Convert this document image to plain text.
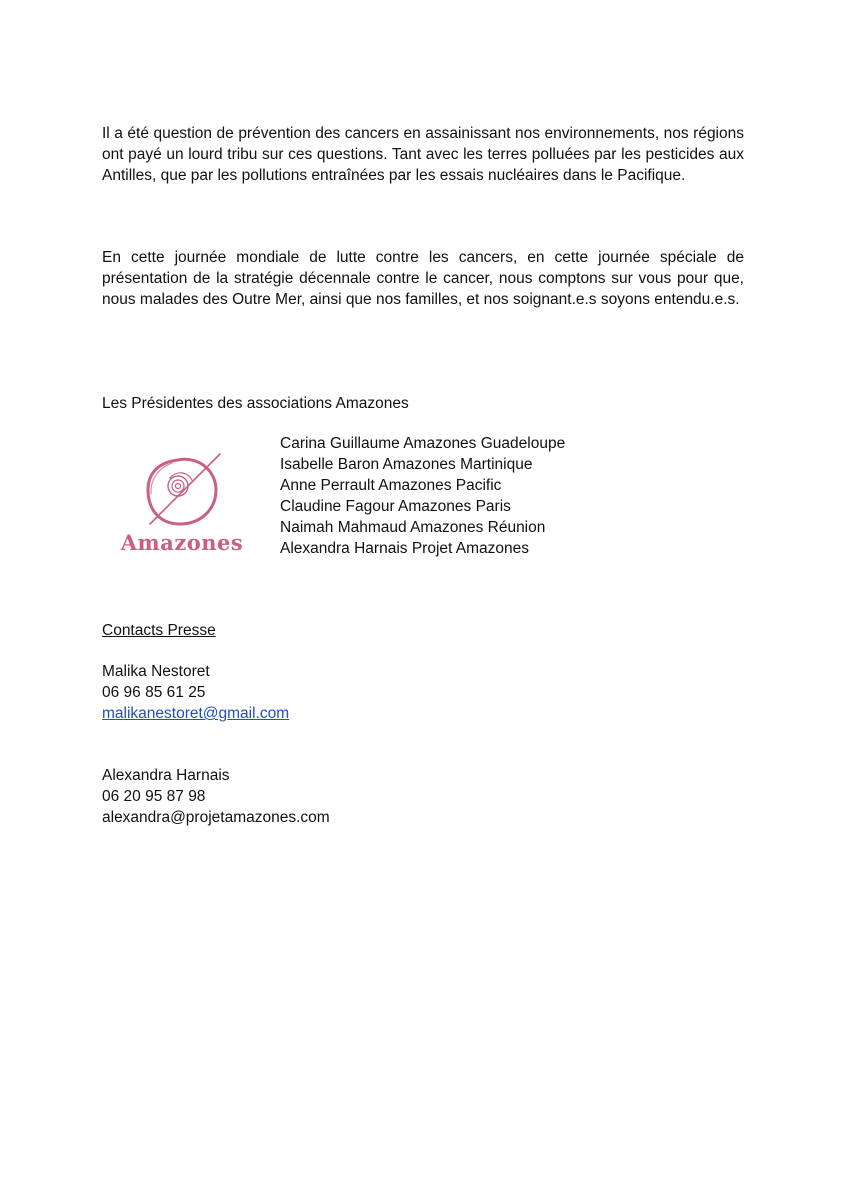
Il a été question de prévention des cancers en assainissant nos environnements, nos régions ont payé un lourd tribu sur ces questions. Tant avec les terres polluées par les pesticides aux Antilles, que par les pollutions entraînées par les essais nucléaires dans le Pacifique.

En cette journée mondiale de lutte contre les cancers, en cette journée spéciale de présentation de la stratégie décennale contre le cancer, nous comptons sur vous pour que, nous malades des Outre Mer, ainsi que nos familles, et nos soignant.e.s soyons entendu.e.s.

Les Présidentes des associations Amazones

Amazones
Carina Guillaume Amazones Guadeloupe
Isabelle Baron Amazones Martinique
Anne Perrault Amazones Pacific
Claudine Fagour Amazones Paris
Naimah Mahmaud Amazones Réunion
Alexandra Harnais Projet Amazones

Contacts Presse

Malika Nestoret
06 96 85 61 25
malikanestoret@gmail.com
Alexandra Harnais
06 20 95 87 98
alexandra@projetamazones.com
